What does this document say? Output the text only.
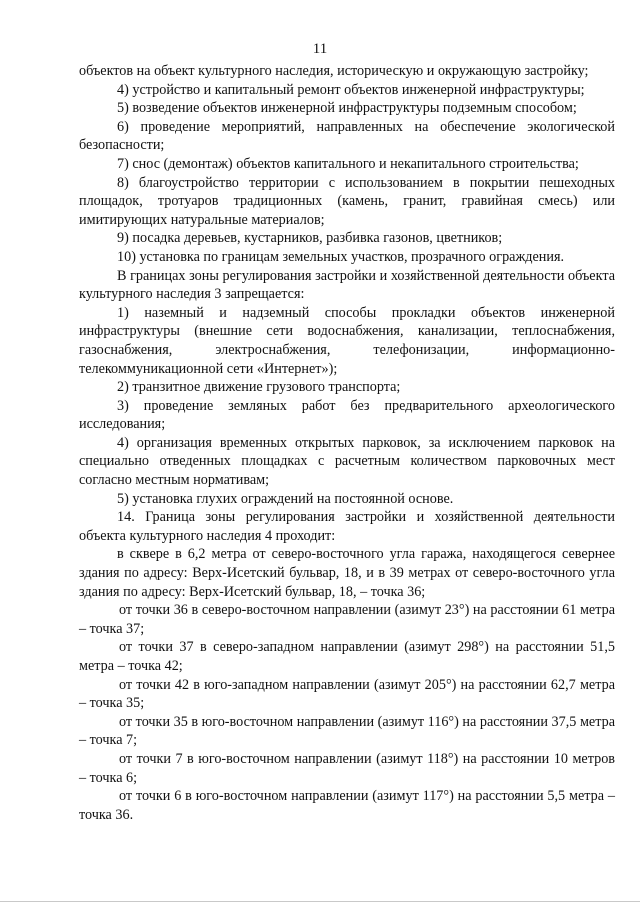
11

объектов на объект культурного наследия, историческую и окружающую застройку;

4) устройство и капитальный ремонт объектов инженерной инфраструктуры;

5) возведение объектов инженерной инфраструктуры подземным способом;

6) проведение мероприятий, направленных на обеспечение экологической безопасности;

7) снос (демонтаж) объектов капитального и некапитального строительства;

8) благоустройство территории с использованием в покрытии пешеходных площадок, тротуаров традиционных (камень, гранит, гравийная смесь) или имитирующих натуральные материалов;

9) посадка деревьев, кустарников, разбивка газонов, цветников;

10) установка по границам земельных участков, прозрачного ограждения.

В границах зоны регулирования застройки и хозяйственной деятельности объекта культурного наследия 3 запрещается:

1) наземный и надземный способы прокладки объектов инженерной инфраструктуры (внешние сети водоснабжения, канализации, теплоснабжения, газоснабжения, электроснабжения, телефонизации, информационно-телекоммуникационной сети «Интернет»);

2) транзитное движение грузового транспорта;

3) проведение земляных работ без предварительного археологического исследования;

4) организация временных открытых парковок, за исключением парковок на специально отведенных площадках с расчетным количеством парковочных мест согласно местным нормативам;

5) установка глухих ограждений на постоянной основе.

14. Граница зоны регулирования застройки и хозяйственной деятельности объекта культурного наследия 4 проходит:

в сквере в 6,2 метра от северо-восточного угла гаража, находящегося севернее здания по адресу: Верх-Исетский бульвар, 18, и в 39 метрах от северо-восточного угла здания по адресу: Верх-Исетский бульвар, 18, – точка 36;

от точки 36 в северо-восточном направлении (азимут 23°) на расстоянии 61 метра – точка 37;

от точки 37 в северо-западном направлении (азимут 298°) на расстоянии 51,5 метра – точка 42;

от точки 42 в юго-западном направлении (азимут 205°) на расстоянии 62,7 метра – точка 35;

от точки 35 в юго-восточном направлении (азимут 116°) на расстоянии 37,5 метра – точка 7;

от точки 7 в юго-восточном направлении (азимут 118°) на расстоянии 10 метров – точка 6;

от точки 6 в юго-восточном направлении (азимут 117°) на расстоянии 5,5 метра – точка 36.
